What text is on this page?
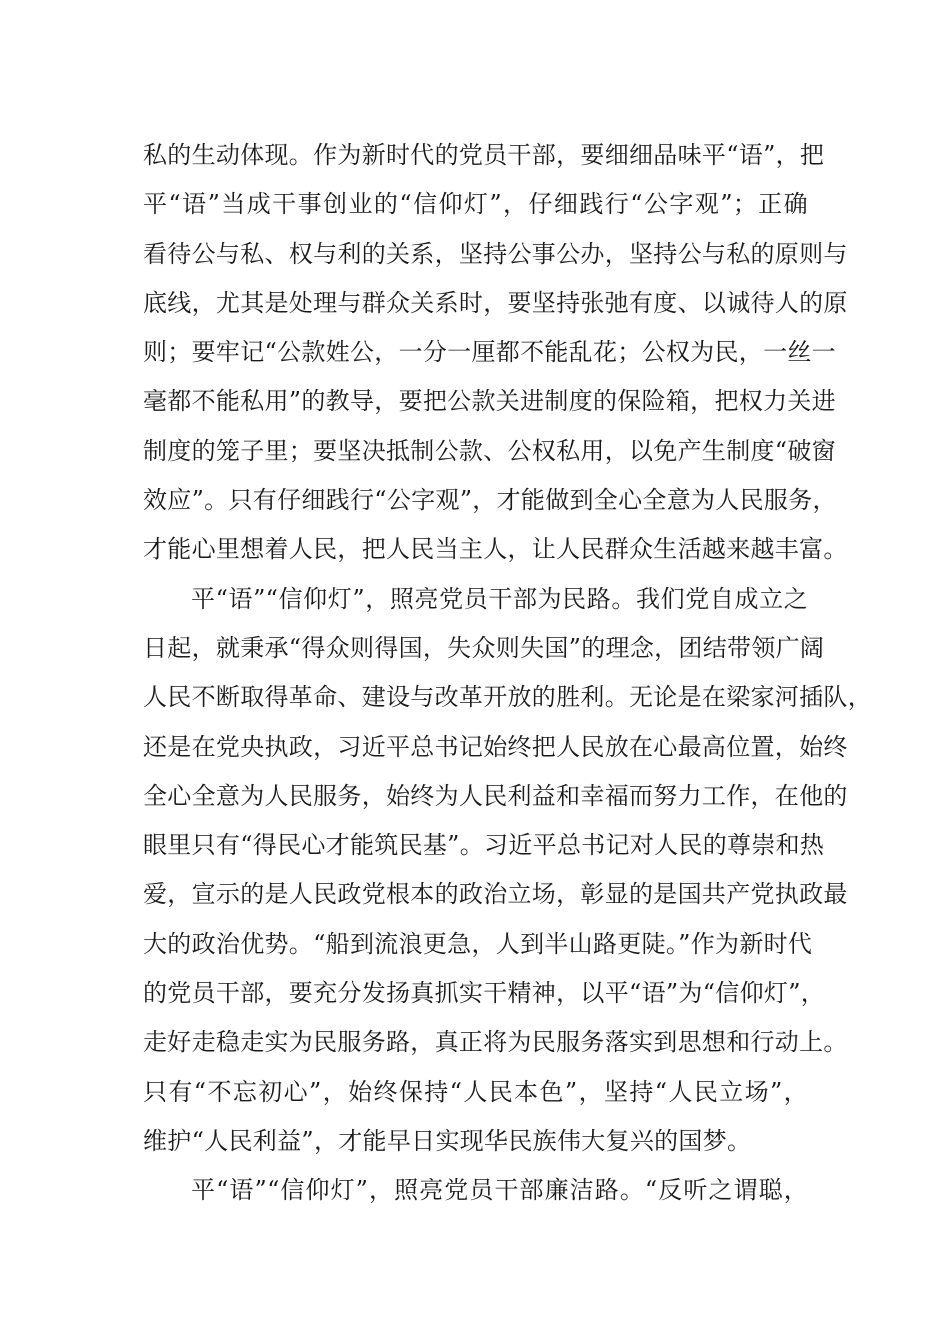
私的生动体现。作为新时代的党员干部，要细细品味平“语”，把
平“语”当成干事创业的“信仰灯”，仔细践行“公字观”；正确
看待公与私、权与利的关系，坚持公事公办，坚持公与私的原则与
底线，尤其是处理与群众关系时，要坚持张弛有度、以诚待人的原
则；要牢记“公款姓公，一分一厘都不能乱花；公权为民，一丝一
毫都不能私用”的教导，要把公款关进制度的保险箱，把权力关进
制度的笼子里；要坚决抵制公款、公权私用，以免产生制度“破窗
效应”。只有仔细践行“公字观”，才能做到全心全意为人民服务，
才能心里想着人民，把人民当主人，让人民群众生活越来越丰富。
平“语”“信仰灯”，照亮党员干部为民路。我们党自成立之
日起，就秉承“得众则得国，失众则失国”的理念，团结带领广阔
人民不断取得革命、建设与改革开放的胜利。无论是在梁家河插队，
还是在党央执政，习近平总书记始终把人民放在心最高位置，始终
全心全意为人民服务，始终为人民利益和幸福而努力工作，在他的
眼里只有“得民心才能筑民基”。习近平总书记对人民的尊崇和热
爱，宣示的是人民政党根本的政治立场，彰显的是国共产党执政最
大的政治优势。“船到流浪更急，人到半山路更陡。”作为新时代
的党员干部，要充分发扬真抓实干精神，以平“语”为“信仰灯”，
走好走稳走实为民服务路，真正将为民服务落实到思想和行动上。
只有“不忘初心”，始终保持“人民本色”，坚持“人民立场”，
维护“人民利益”，才能早日实现华民族伟大复兴的国梦。
平“语”“信仰灯”，照亮党员干部廉洁路。“反听之谓聪，
